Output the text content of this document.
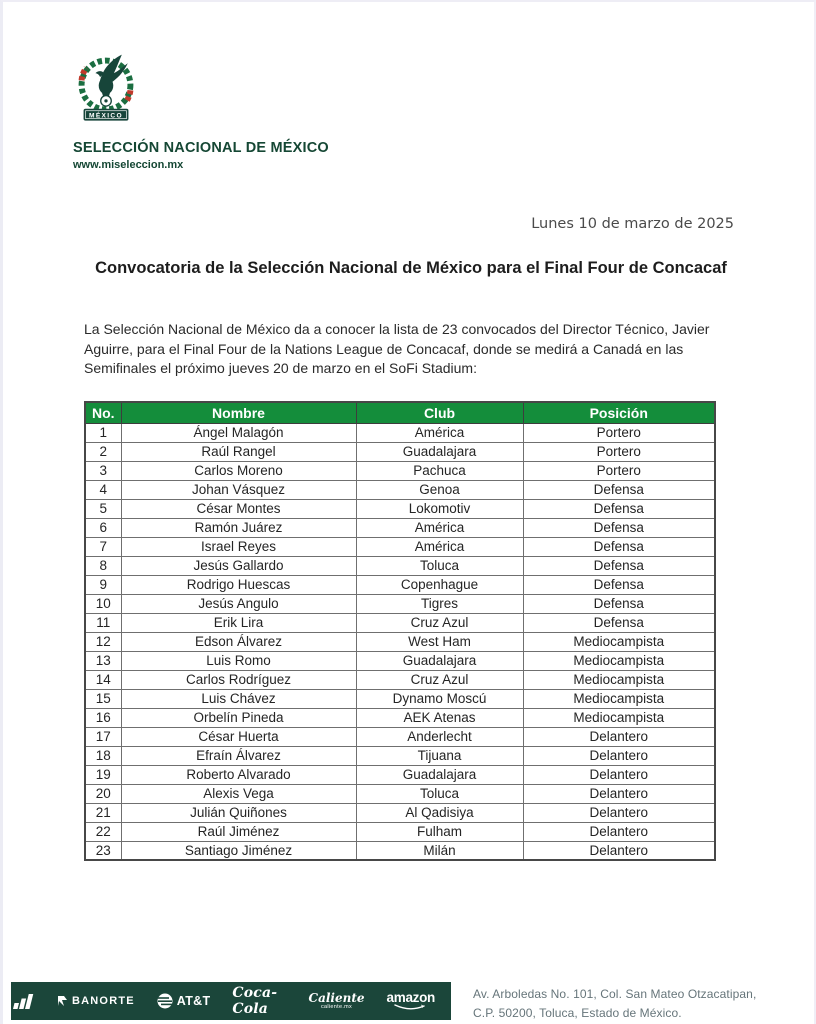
MÉXICO
SELECCIÓN NACIONAL DE MÉXICO
www.miseleccion.mx
Lunes 10 de marzo de 2025
Convocatoria de la Selección Nacional de México para el Final Four de Concacaf

La Selección Nacional de México da a conocer la lista de 23 convocados del Director Técnico, Javier Aguirre, para el Final Four de la Nations League de Concacaf, donde se medirá a Canadá en las Semifinales el próximo jueves 20 de marzo en el SoFi Stadium:

No.	Nombre	Club	Posición
1	Ángel Malagón	América	Portero
2	Raúl Rangel	Guadalajara	Portero
3	Carlos Moreno	Pachuca	Portero
4	Johan Vásquez	Genoa	Defensa
5	César Montes	Lokomotiv	Defensa
6	Ramón Juárez	América	Defensa
7	Israel Reyes	América	Defensa
8	Jesús Gallardo	Toluca	Defensa
9	Rodrigo Huescas	Copenhague	Defensa
10	Jesús Angulo	Tigres	Defensa
11	Erik Lira	Cruz Azul	Defensa
12	Edson Álvarez	West Ham	Mediocampista
13	Luis Romo	Guadalajara	Mediocampista
14	Carlos Rodríguez	Cruz Azul	Mediocampista
15	Luis Chávez	Dynamo Moscú	Mediocampista
16	Orbelín Pineda	AEK Atenas	Mediocampista
17	César Huerta	Anderlecht	Delantero
18	Efraín Álvarez	Tijuana	Delantero
19	Roberto Alvarado	Guadalajara	Delantero
20	Alexis Vega	Toluca	Delantero
21	Julián Quiñones	Al Qadisiya	Delantero
22	Raúl Jiménez	Fulham	Delantero
23	Santiago Jiménez	Milán	Delantero
BANORTE	AT&T Coca-Cola
Caliente
caliente.mx
amazon	Av. Arboledas No. 101, Col. San Mateo Otzacatipan,
C.P. 50200, Toluca, Estado de México.
